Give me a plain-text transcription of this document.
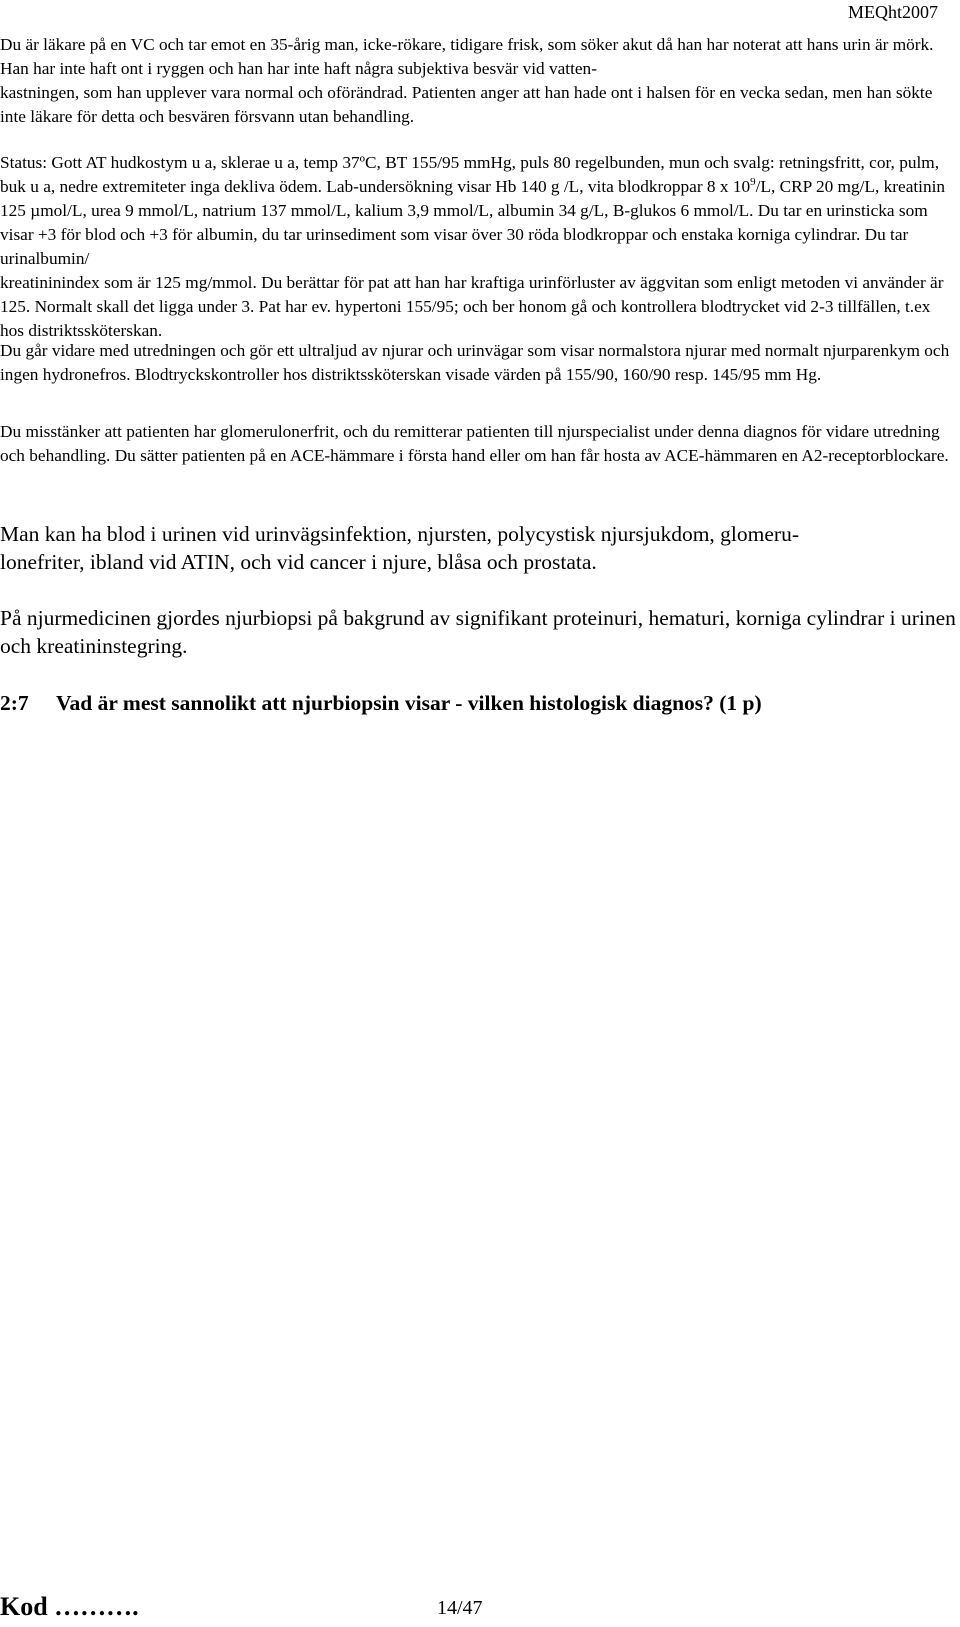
MEQht2007
Du är läkare på en VC och tar emot en 35-årig man, icke-rökare, tidigare frisk, som söker akut då han har noterat att hans urin är mörk. Han har inte haft ont i ryggen och han har inte haft några subjektiva besvär vid vatten-
kastningen, som han upplever vara normal och oförändrad. Patienten anger att han hade ont i halsen för en vecka sedan, men han sökte inte läkare för detta och besvären försvann utan behandling.
Status: Gott AT hudkostym u a, sklerae u a, temp 37ºC, BT 155/95 mmHg, puls 80 regelbunden, mun och svalg: retningsfritt, cor, pulm, buk u a, nedre extremiteter inga dekliva ödem. Lab-undersökning visar Hb 140 g /L, vita blodkroppar 8 x $10^9/L$, CRP 20 mg/L, kreatinin 125 µmol/L, urea 9 mmol/L, natrium 137 mmol/L, kalium 3,9 mmol/L, albumin 34 g/L, B-glukos 6 mmol/L. Du tar en urinsticka som visar +3 för blod och +3 för albumin, du tar urinsediment som visar över 30 röda blodkroppar och enstaka korniga cylindrar. Du tar urinalbumin/
kreatininindex som är 125 mg/mmol. Du berättar för pat att han har kraftiga urinförluster av äggvitan som enligt metoden vi använder är 125. Normalt skall det ligga under 3. Pat har ev. hypertoni 155/95; och ber honom gå och kontrollera blodtrycket vid 2-3 tillfällen, t.ex hos distriktssköterskan.
Du går vidare med utredningen och gör ett ultraljud av njurar och urinvägar som visar normalstora njurar med normalt njurparenkym och ingen hydronefros. Blodtryckskontroller hos distriktssköterskan visade värden på 155/90, 160/90 resp. 145/95 mm Hg.
Du misstänker att patienten har glomerulonerfrit, och du remitterar patienten till njurspecialist under denna diagnos för vidare utredning och behandling. Du sätter patienten på en ACE-hämmare i första hand eller om han får hosta av ACE-hämmaren en A2-receptorblockare.
Man kan ha blod i urinen vid urinvägsinfektion, njursten, polycystisk njursjukdom, glomeru-
lonefriter, ibland vid ATIN, och vid cancer i njure, blåsa och prostata.
På njurmedicinen gjordes njurbiopsi på bakgrund av signifikant proteinuri, hematuri, korniga cylindrar i urinen och kreatininstegring.
2:7 Vad är mest sannolikt att njurbiopsin visar - vilken histologisk diagnos? (1 p)
Kod ……….	14/47
